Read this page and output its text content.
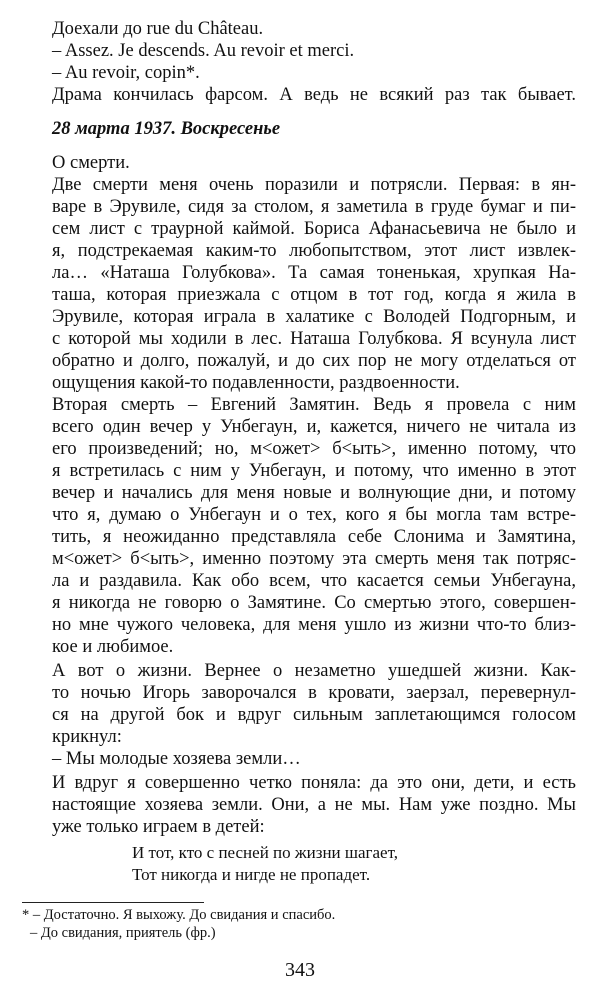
Доехали до rue du Château.
– Assez. Je descends. Au revoir et merci.
– Au revoir, copin*.
Драма кончилась фарсом. А ведь не всякий раз так бывает.
28 марта 1937. Воскресенье
О смерти.
Две смерти меня очень поразили и потрясли. Первая: в ян-
варе в Эрувиле, сидя за столом, я заметила в груде бумаг и пи-
сем лист с траурной каймой. Бориса Афанасьевича не было и
я, подстрекаемая каким-то любопытством, этот лист извлек-
ла… «Наташа Голубкова». Та самая тоненькая, хрупкая На-
таша, которая приезжала с отцом в тот год, когда я жила в
Эрувиле, которая играла в халатике с Володей Подгорным, и
с которой мы ходили в лес. Наташа Голубкова. Я всунула лист
обратно и долго, пожалуй, и до сих пор не могу отделаться от
ощущения какой-то подавленности, раздвоенности.
Вторая смерть – Евгений Замятин. Ведь я провела с ним
всего один вечер у Унбегаун, и, кажется, ничего не читала из
его произведений; но, м<ожет> б<ыть>, именно потому, что
я встретилась с ним у Унбегаун, и потому, что именно в этот
вечер и начались для меня новые и волнующие дни, и потому
что я, думаю о Унбегаун и о тех, кого я бы могла там встре-
тить, я неожиданно представляла себе Слонима и Замятина,
м<ожет> б<ыть>, именно поэтому эта смерть меня так потряс-
ла и раздавила. Как обо всем, что касается семьи Унбегауна,
я никогда не говорю о Замятине. Со смертью этого, совершен-
но мне чужого человека, для меня ушло из жизни что-то близ-
кое и любимое.
А вот о жизни. Вернее о незаметно ушедшей жизни. Как-
то ночью Игорь заворочался в кровати, заерзал, перевернул-
ся на другой бок и вдруг сильным заплетающимся голосом
крикнул:
– Мы молодые хозяева земли…
И вдруг я совершенно четко поняла: да это они, дети, и есть
настоящие хозяева земли. Они, а не мы. Нам уже поздно. Мы
уже только играем в детей:
И тот, кто с песней по жизни шагает,
Тот никогда и нигде не пропадет.
* – Достаточно. Я выхожу. До свидания и спасибо.
– До свидания, приятель (фр.)
343
